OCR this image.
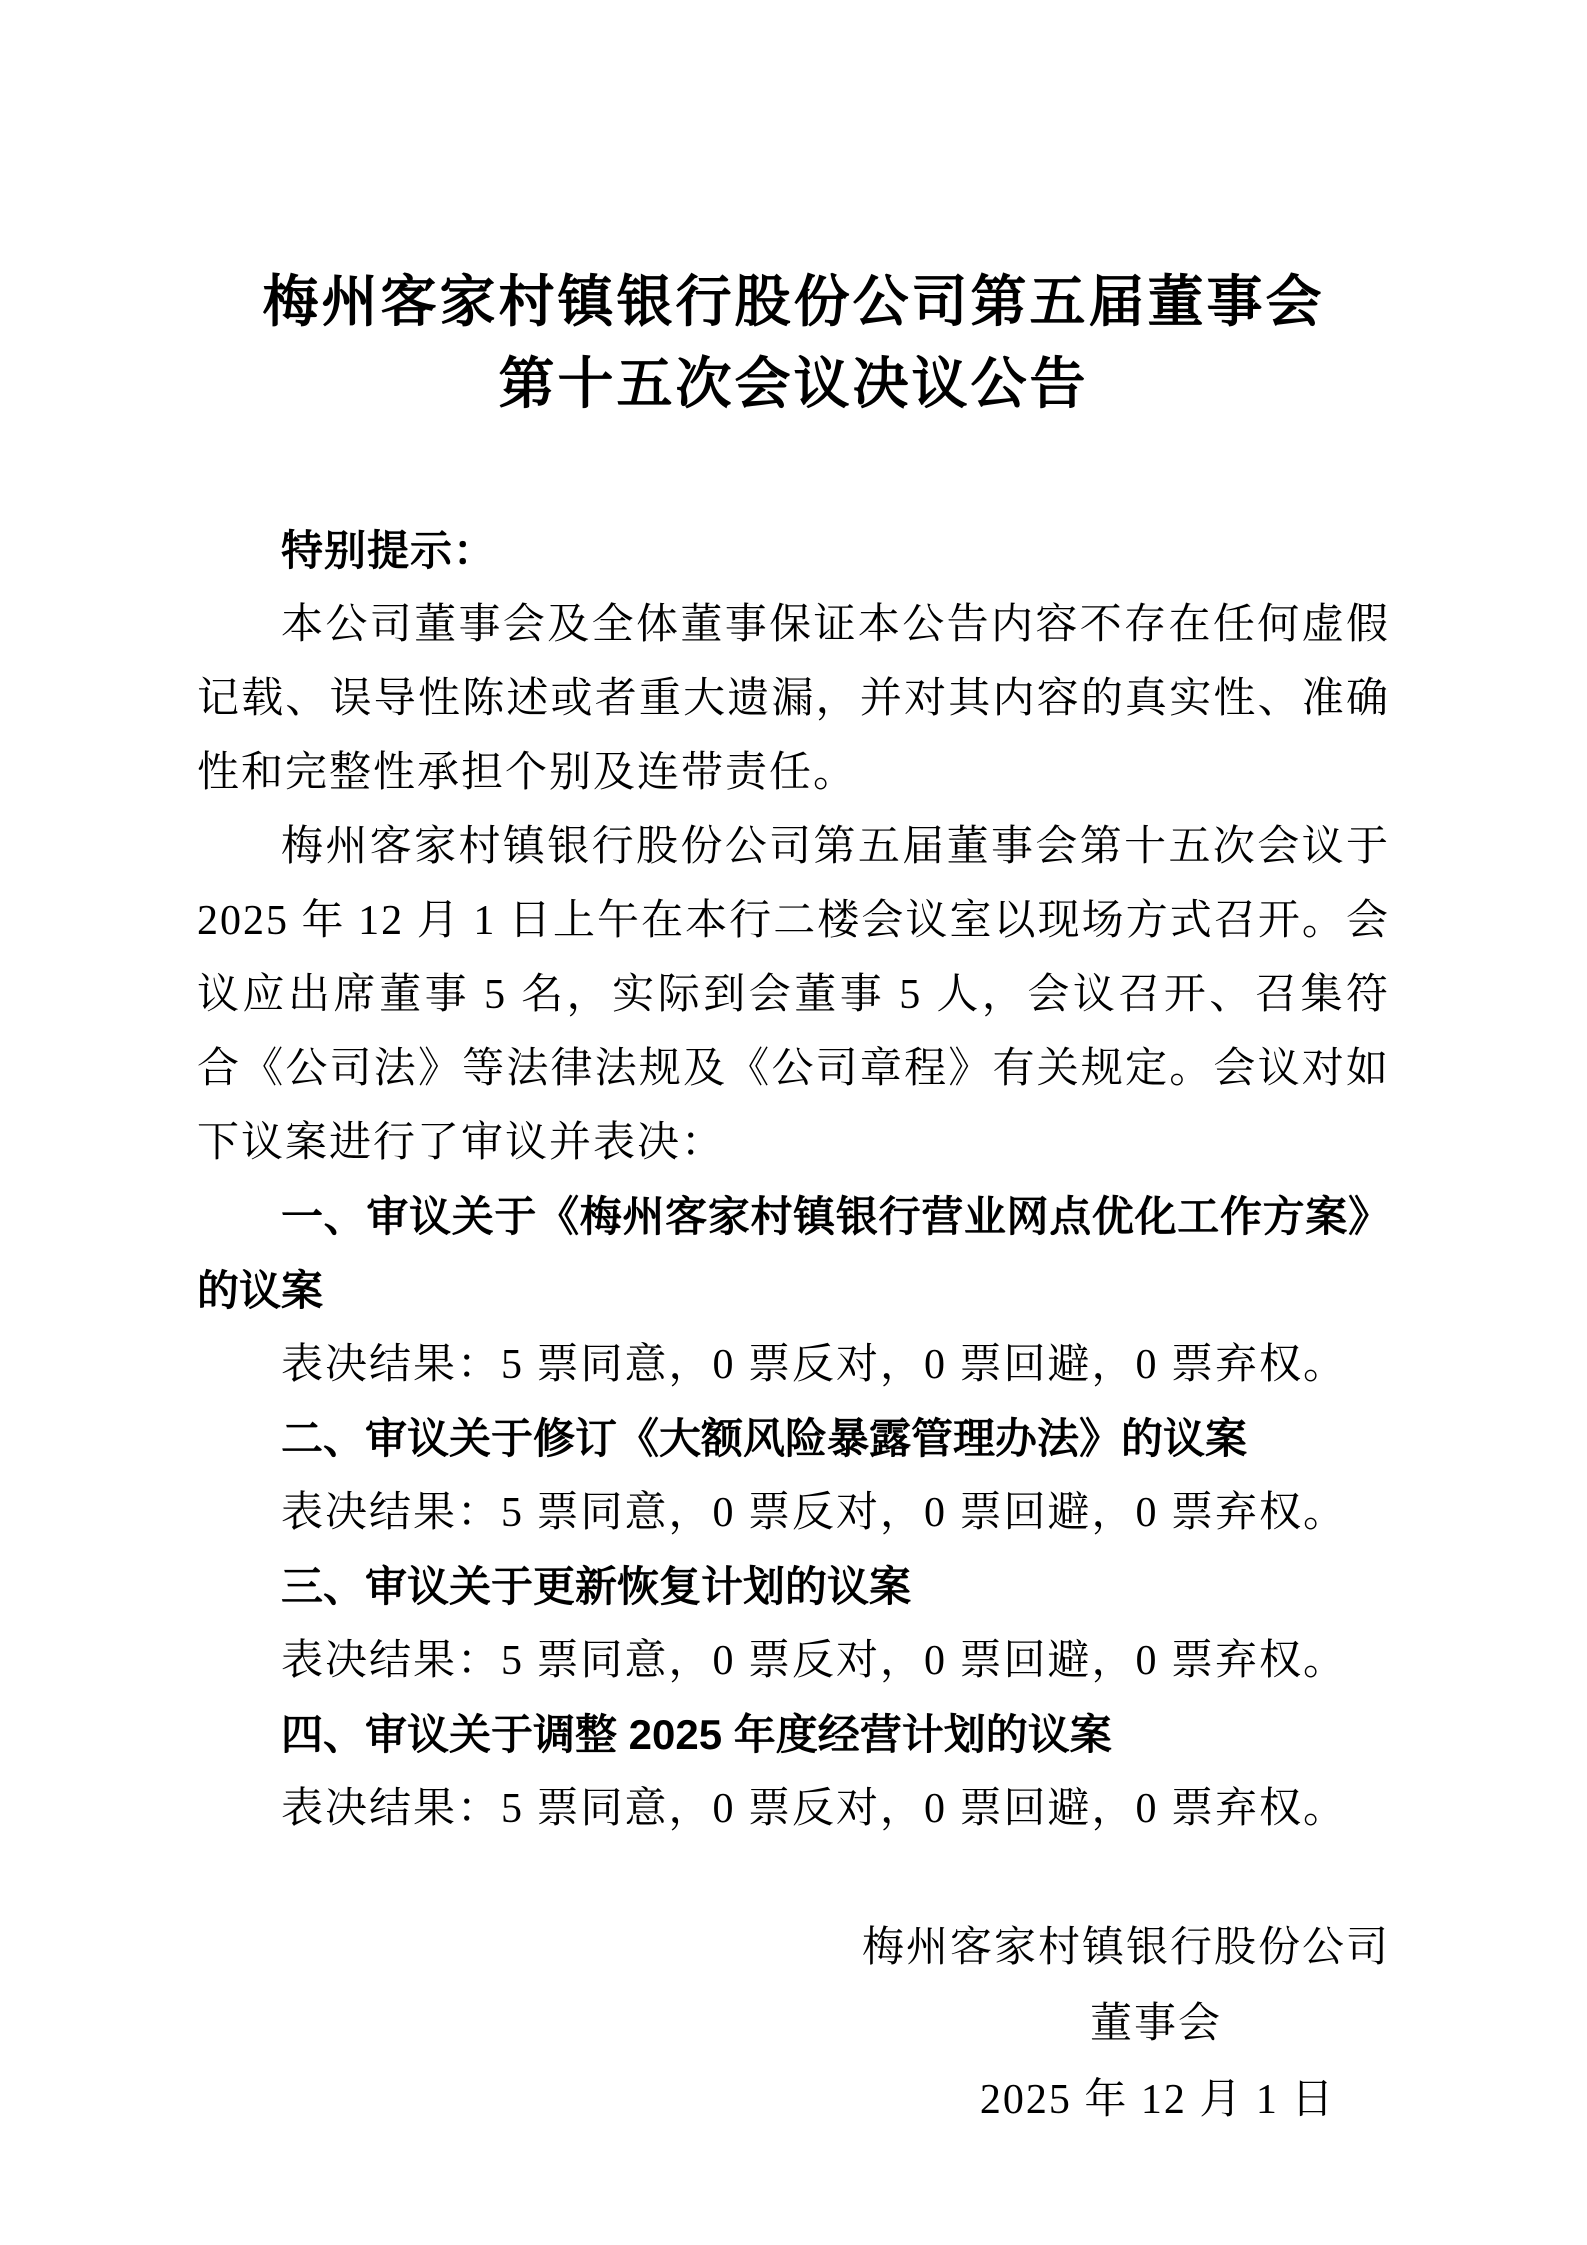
梅州客家村镇银行股份公司第五届董事会
第十五次会议决议公告
特别提示：

本公司董事会及全体董事保证本公告内容不存在任何虚假记载、误导性陈述或者重大遗漏，并对其内容的真实性、准确性和完整性承担个别及连带责任。

梅州客家村镇银行股份公司第五届董事会第十五次会议于 2025 年 12 月 1 日上午在本行二楼会议室以现场方式召开。会议应出席董事 5 名，实际到会董事 5 人，会议召开、召集符合《公司法》等法律法规及《公司章程》有关规定。会议对如下议案进行了审议并表决：

一、审议关于《梅州客家村镇银行营业网点优化工作方案》的议案

表决结果：5 票同意，0 票反对，0 票回避，0 票弃权。

二、审议关于修订《大额风险暴露管理办法》的议案

表决结果：5 票同意，0 票反对，0 票回避，0 票弃权。

三、审议关于更新恢复计划的议案

表决结果：5 票同意，0 票反对，0 票回避，0 票弃权。

四、审议关于调整 2025 年度经营计划的议案

表决结果：5 票同意，0 票反对，0 票回避，0 票弃权。

梅州客家村镇银行股份公司
董事会
2025 年 12 月 1 日
